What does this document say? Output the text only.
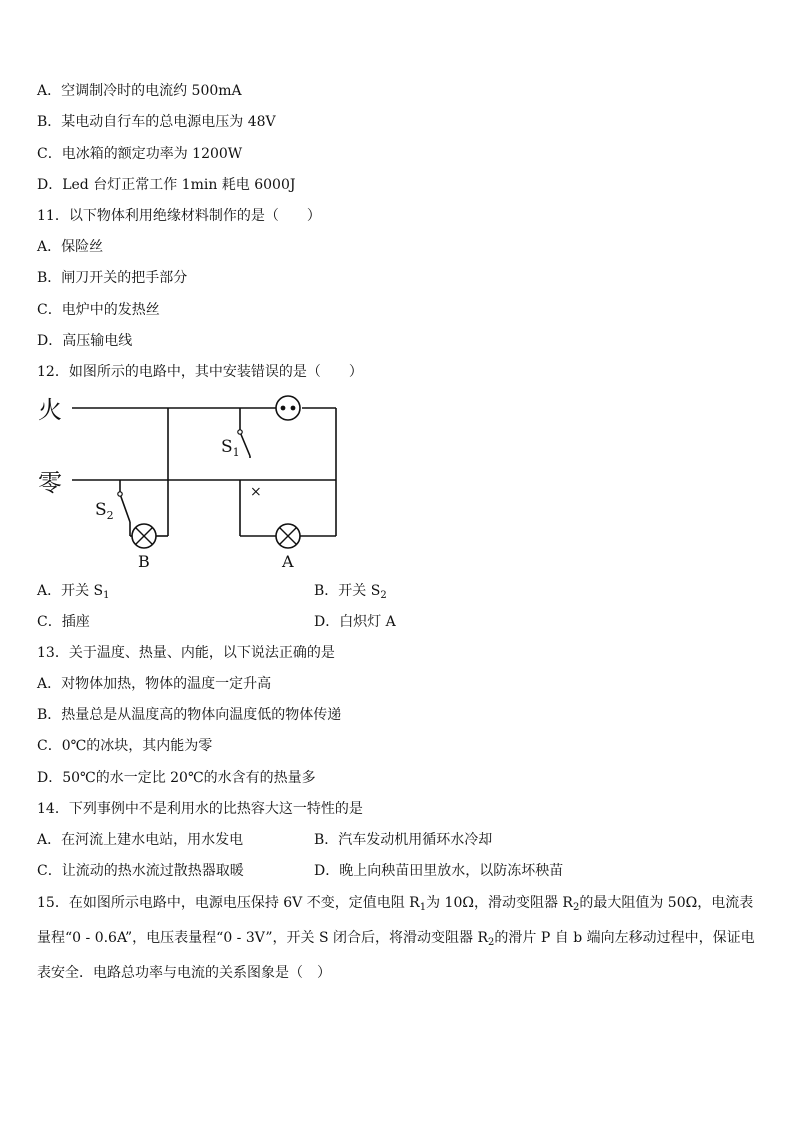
A．空调制冷时的电流约 500mA
B．某电动自行车的总电源电压为 48V
C．电冰箱的额定功率为 1200W
D．Led 台灯正常工作 1min 耗电 6000J
11．以下物体利用绝缘材料制作的是（　　）
A．保险丝
B．闸刀开关的把手部分
C．电炉中的发热丝
D．高压输电线
12．如图所示的电路中，其中安装错误的是（　　）
火
零
$S_1$
$S_2$
×
B	A
A．开关 $S_1$	B．开关 $S_2$
C．插座	D．白炽灯 A
13．关于温度、热量、内能，以下说法正确的是
A．对物体加热，物体的温度一定升高
B．热量总是从温度高的物体向温度低的物体传递
C．0℃的冰块，其内能为零
D．50℃的水一定比 20℃的水含有的热量多
14．下列事例中不是利用水的比热容大这一特性的是
A．在河流上建水电站，用水发电	B．汽车发动机用循环水冷却
C．让流动的热水流过散热器取暖	D．晚上向秧苗田里放水，以防冻坏秧苗
15．在如图所示电路中，电源电压保持 6V 不变，定值电阻 $R_1$为 10Ω，滑动变阻器 $R_2$的最大阻值为 50Ω，电流表量程“0 - 0.6A”，电压表量程“0 - 3V”，开关 S 闭合后，将滑动变阻器 $R_2$的滑片 P 自 b 端向左移动过程中，保证电表安全．电路总功率与电流的关系图象是（　）
